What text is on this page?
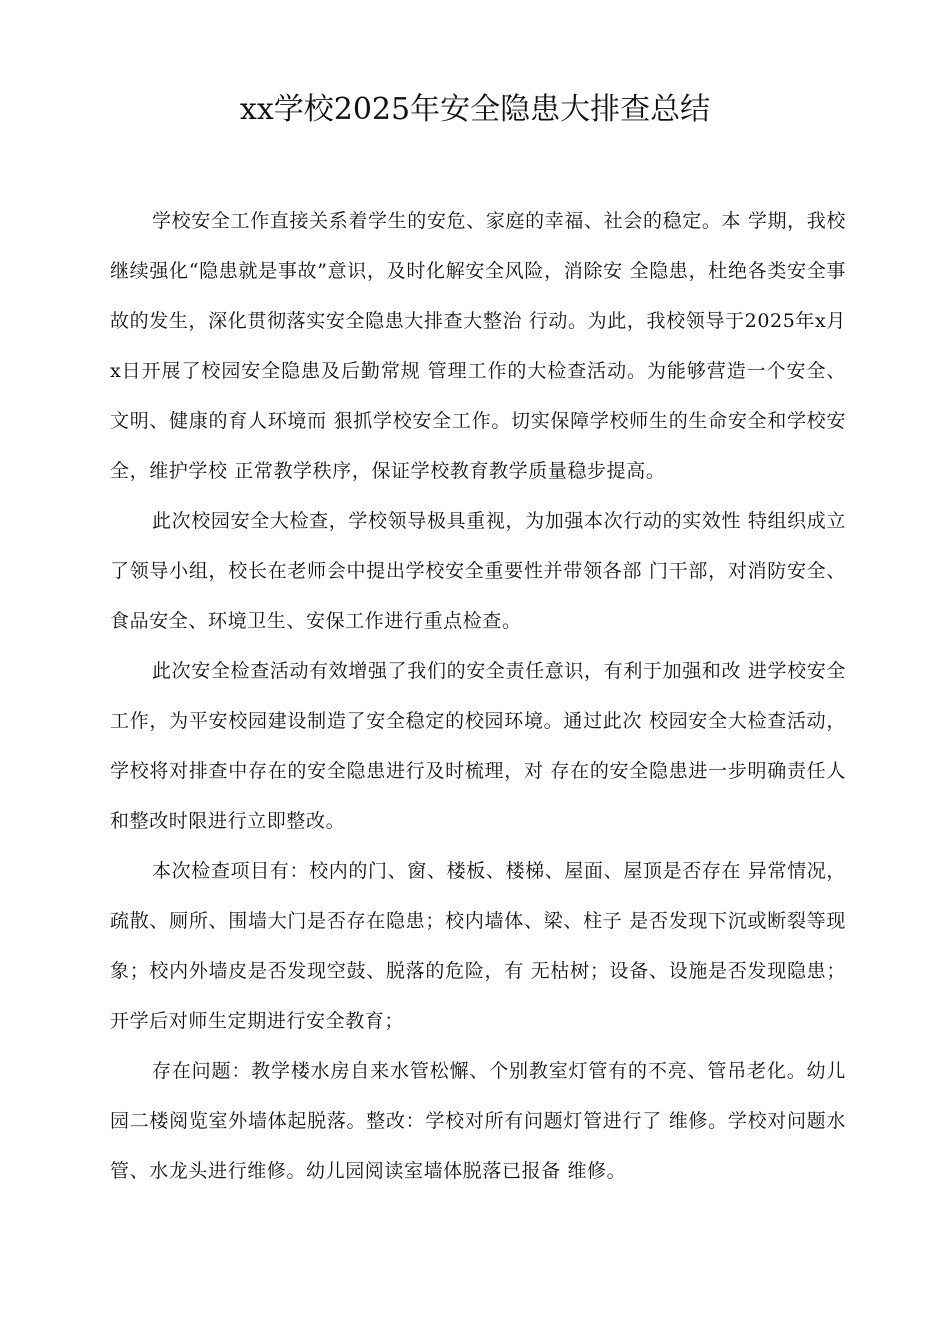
xx学校2025年安全隐患大排查总结

学校安全工作直接关系着学生的安危、家庭的幸福、社会的稳定。本 学期，我校继续强化“隐患就是事故”意识，及时化解安全风险，消除安 全隐患，杜绝各类安全事故的发生，深化贯彻落实安全隐患大排查大整治 行动。为此，我校领导于2025年x月x日开展了校园安全隐患及后勤常规 管理工作的大检查活动。为能够营造一个安全、文明、健康的育人环境而 狠抓学校安全工作。切实保障学校师生的生命安全和学校安全，维护学校 正常教学秩序，保证学校教育教学质量稳步提高。

此次校园安全大检查，学校领导极具重视，为加强本次行动的实效性 特组织成立了领导小组，校长在老师会中提出学校安全重要性并带领各部 门干部，对消防安全、食品安全、环境卫生、安保工作进行重点检查。

此次安全检查活动有效增强了我们的安全责任意识，有利于加强和改 进学校安全工作，为平安校园建设制造了安全稳定的校园环境。通过此次 校园安全大检查活动，学校将对排查中存在的安全隐患进行及时梳理，对 存在的安全隐患进一步明确责任人和整改时限进行立即整改。

本次检查项目有：校内的门、窗、楼板、楼梯、屋面、屋顶是否存在 异常情况，疏散、厕所、围墙大门是否存在隐患；校内墙体、梁、柱子 是否发现下沉或断裂等现象；校内外墙皮是否发现空鼓、脱落的危险，有 无枯树；设备、设施是否发现隐患；开学后对师生定期进行安全教育；

存在问题：教学楼水房自来水管松懈、个别教室灯管有的不亮、管吊老化。幼儿园二楼阅览室外墙体起脱落。整改：学校对所有问题灯管进行了 维修。学校对问题水管、水龙头进行维修。幼儿园阅读室墙体脱落已报备 维修。
